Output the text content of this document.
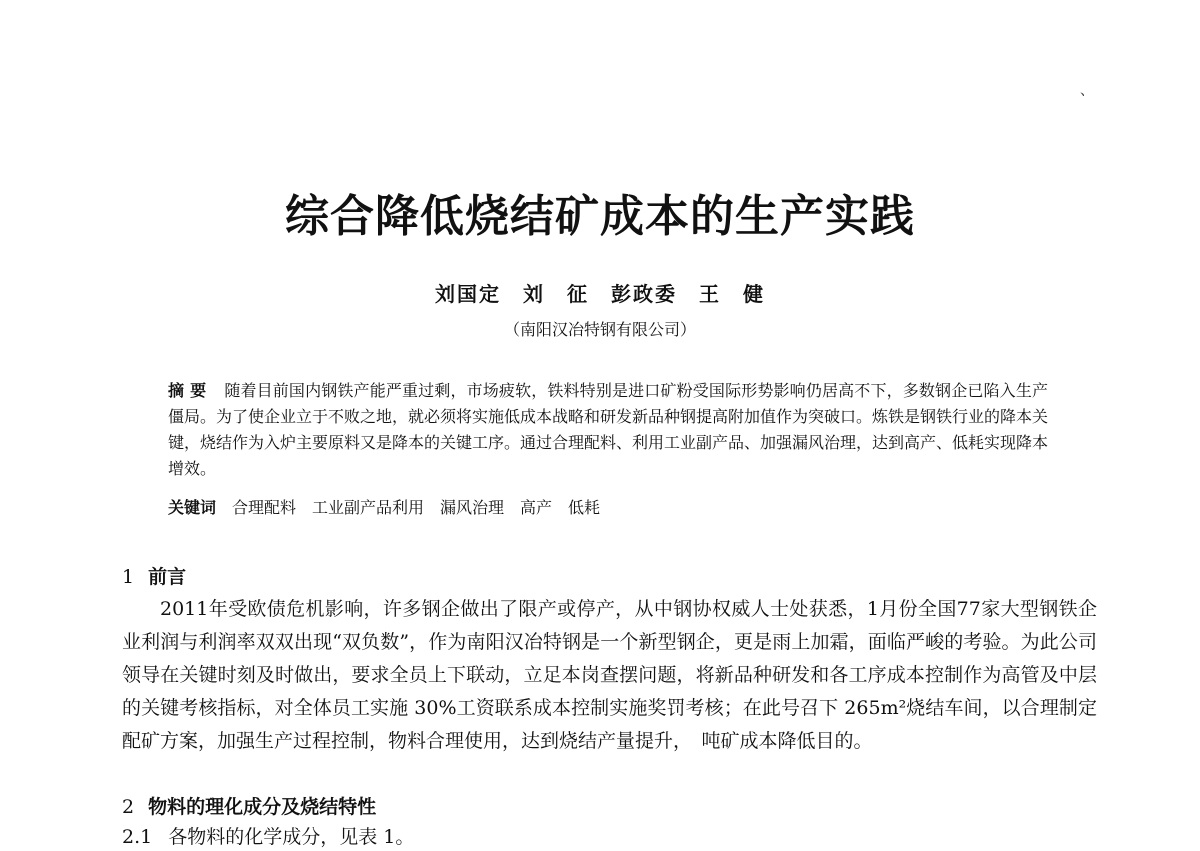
、
综合降低烧结矿成本的生产实践
刘国定　刘　征　彭政委　王　健
（南阳汉冶特钢有限公司）
摘要 随着目前国内钢铁产能严重过剩，市场疲软，铁料特别是进口矿粉受国际形势影响仍居高不下，多数钢企已陷入生产僵局。为了使企业立于不败之地，就必须将实施低成本战略和研发新品种钢提高附加值作为突破口。炼铁是钢铁行业的降本关键，烧结作为入炉主要原料又是降本的关键工序。通过合理配料、利用工业副产品、加强漏风治理，达到高产、低耗实现降本增效。
关键词 合理配料　工业副产品利用　漏风治理　高产　低耗
1 前言
2011年受欧债危机影响，许多钢企做出了限产或停产，从中钢协权威人士处获悉，1月份全国77家大型钢铁企业利润与利润率双双出现“双负数”，作为南阳汉冶特钢是一个新型钢企，更是雨上加霜，面临严峻的考验。为此公司领导在关键时刻及时做出，要求全员上下联动，立足本岗查摆问题，将新品种研发和各工序成本控制作为高管及中层的关键考核指标，对全体员工实施 30%工资联系成本控制实施奖罚考核；在此号召下 265m²烧结车间，以合理制定配矿方案，加强生产过程控制，物料合理使用，达到烧结产量提升，　吨矿成本降低目的。
2 物料的理化成分及烧结特性
2.1 各物料的化学成分，见表 1。
